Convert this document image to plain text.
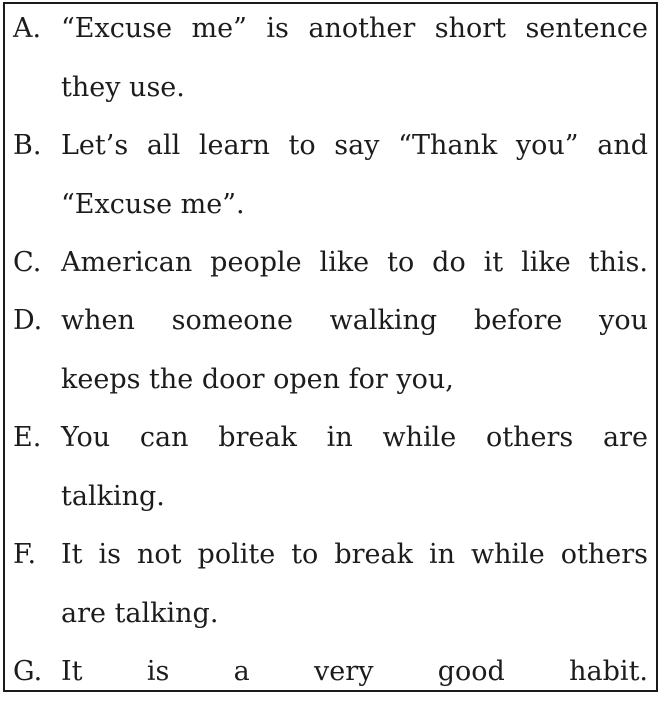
A. “Excuse me” is another short sentence
they use.
B. Let’s all learn to say “Thank you” and
“Excuse me”.
C. American people like to do it like this.
D. when someone walking before you
keeps the door open for you,
E. You can break in while others are
talking.
F. It is not polite to break in while others
are talking.
G. It is a very good habit.
